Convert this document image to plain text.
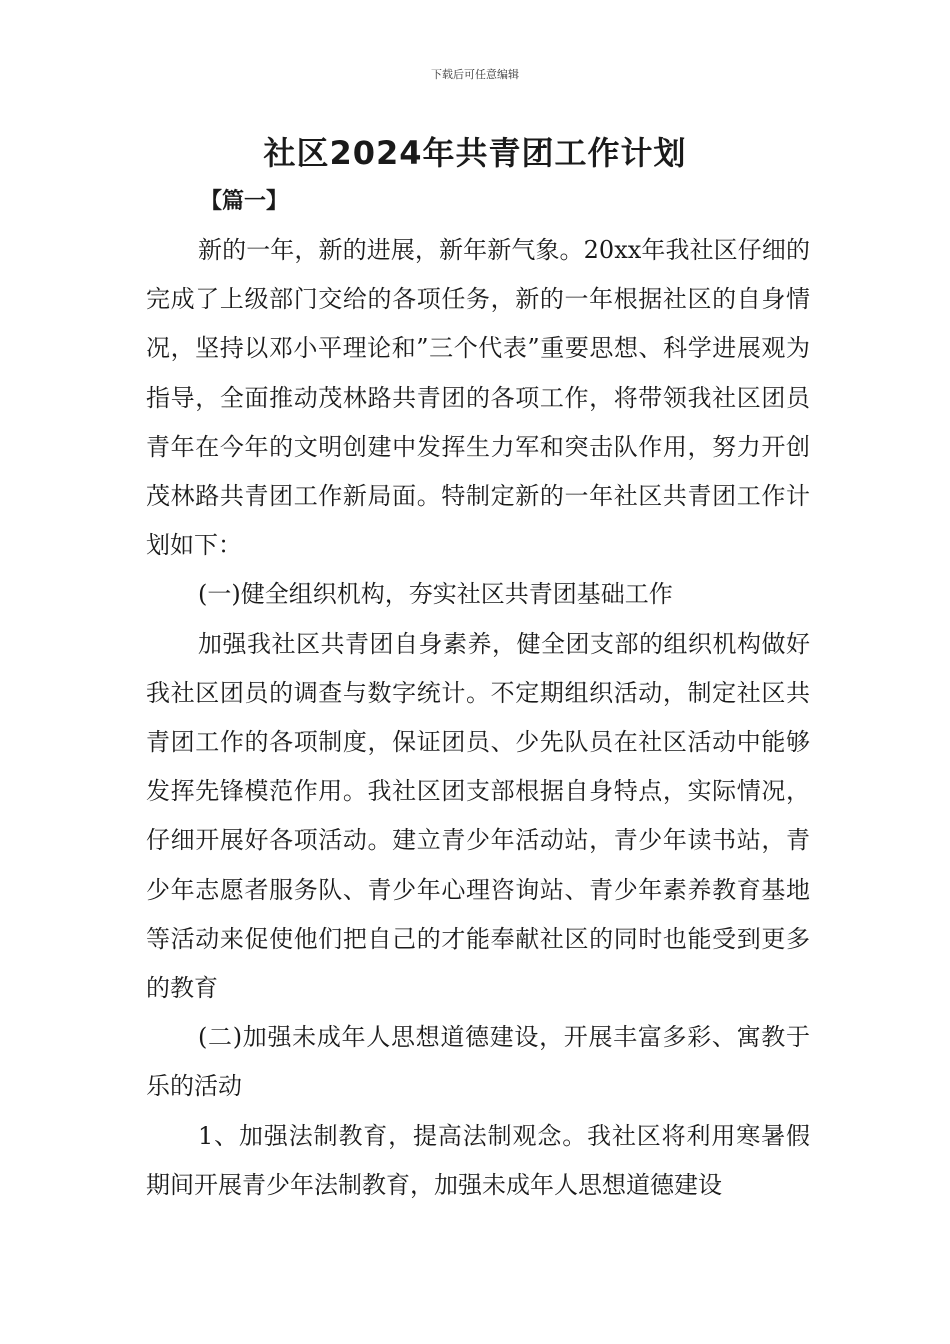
下载后可任意编辑
社区2024年共青团工作计划
【篇一】

新的一年，新的进展，新年新气象。20xx年我社区仔细的完成了上级部门交给的各项任务，新的一年根据社区的自身情况，坚持以邓小平理论和”三个代表”重要思想、科学进展观为指导，全面推动茂林路共青团的各项工作，将带领我社区团员青年在今年的文明创建中发挥生力军和突击队作用，努力开创茂林路共青团工作新局面。特制定新的一年社区共青团工作计划如下：

(一)健全组织机构，夯实社区共青团基础工作

加强我社区共青团自身素养，健全团支部的组织机构做好我社区团员的调查与数字统计。不定期组织活动，制定社区共青团工作的各项制度，保证团员、少先队员在社区活动中能够发挥先锋模范作用。我社区团支部根据自身特点，实际情况，仔细开展好各项活动。建立青少年活动站，青少年读书站，青少年志愿者服务队、青少年心理咨询站、青少年素养教育基地等活动来促使他们把自己的才能奉献社区的同时也能受到更多的教育

(二)加强未成年人思想道德建设，开展丰富多彩、寓教于乐的活动

1、加强法制教育，提高法制观念。我社区将利用寒暑假期间开展青少年法制教育，加强未成年人思想道德建设
